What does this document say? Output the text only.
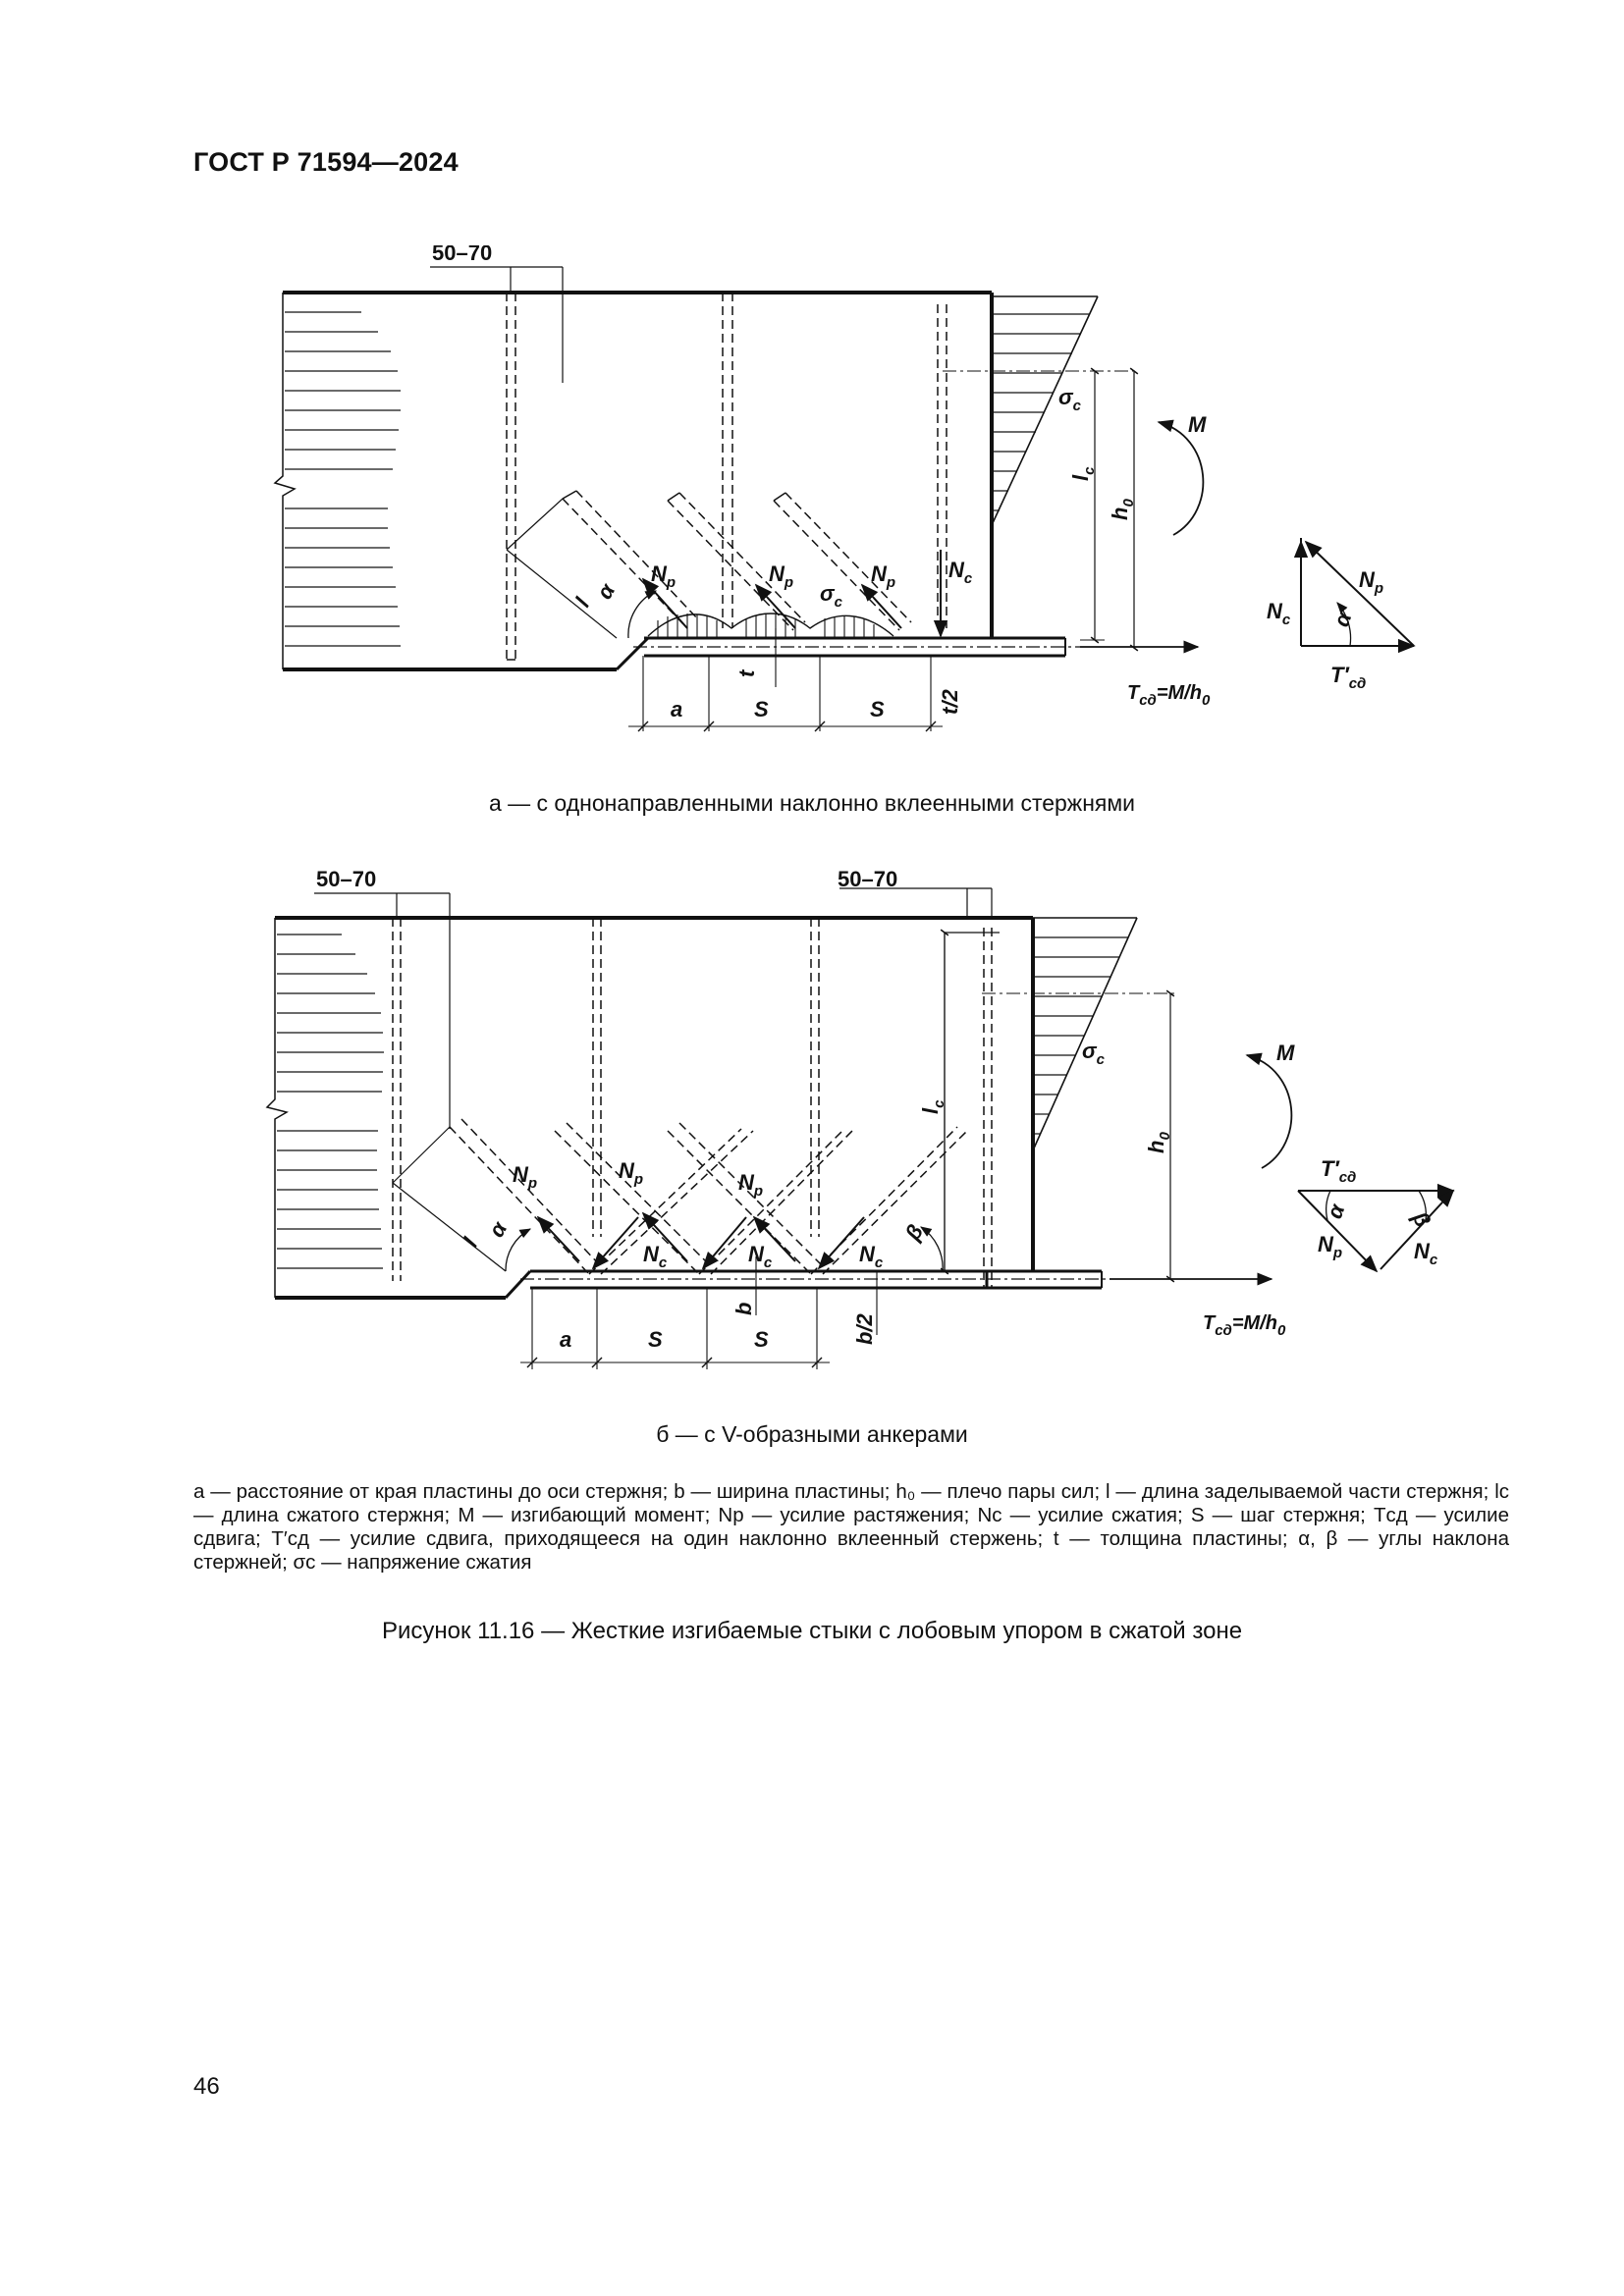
ГОСТ Р 71594—2024
50–70
$\sigma_с$
M
$l_c$
$h_0$
$N_p$	$N_p$	$N_p$
$\sigma_с$
$N_c$
α
l
t
t/2
a	S	S
$T_{сд}=M/h_0$
$N_p$
$N_c$ α
$T'_{сд}$
а — с однонаправленными наклонно вклеенными стержнями
50–70	50–70
$\sigma_с$	M
$l_c$
$h_0$
$N_p$
$N_p$	$N_p$
$N_c$	$N_c$	$N_c$
α
l	β
b
b/2
a	S	S
$T_{сд}=M/h_0$
$T'_{сд}$
α	β
$N_p$	$N_c$
б — с V-образными анкерами
a — расстояние от края пластины до оси стержня; b — ширина пластины; h₀ — плечо пары сил; l — длина заделываемой части стержня; lс — длина сжатого стержня; M — изгибающий момент; Nр — усилие растяжения; Nс — усилие сжатия; S — шаг стержня; Tсд — усилие сдвига; T′сд — усилие сдвига, приходящееся на один наклонно вклеенный стержень; t — толщина пластины; α, β — углы наклона стержней; σс — напряжение сжатия
Рисунок 11.16 — Жесткие изгибаемые стыки с лобовым упором в сжатой зоне
46
